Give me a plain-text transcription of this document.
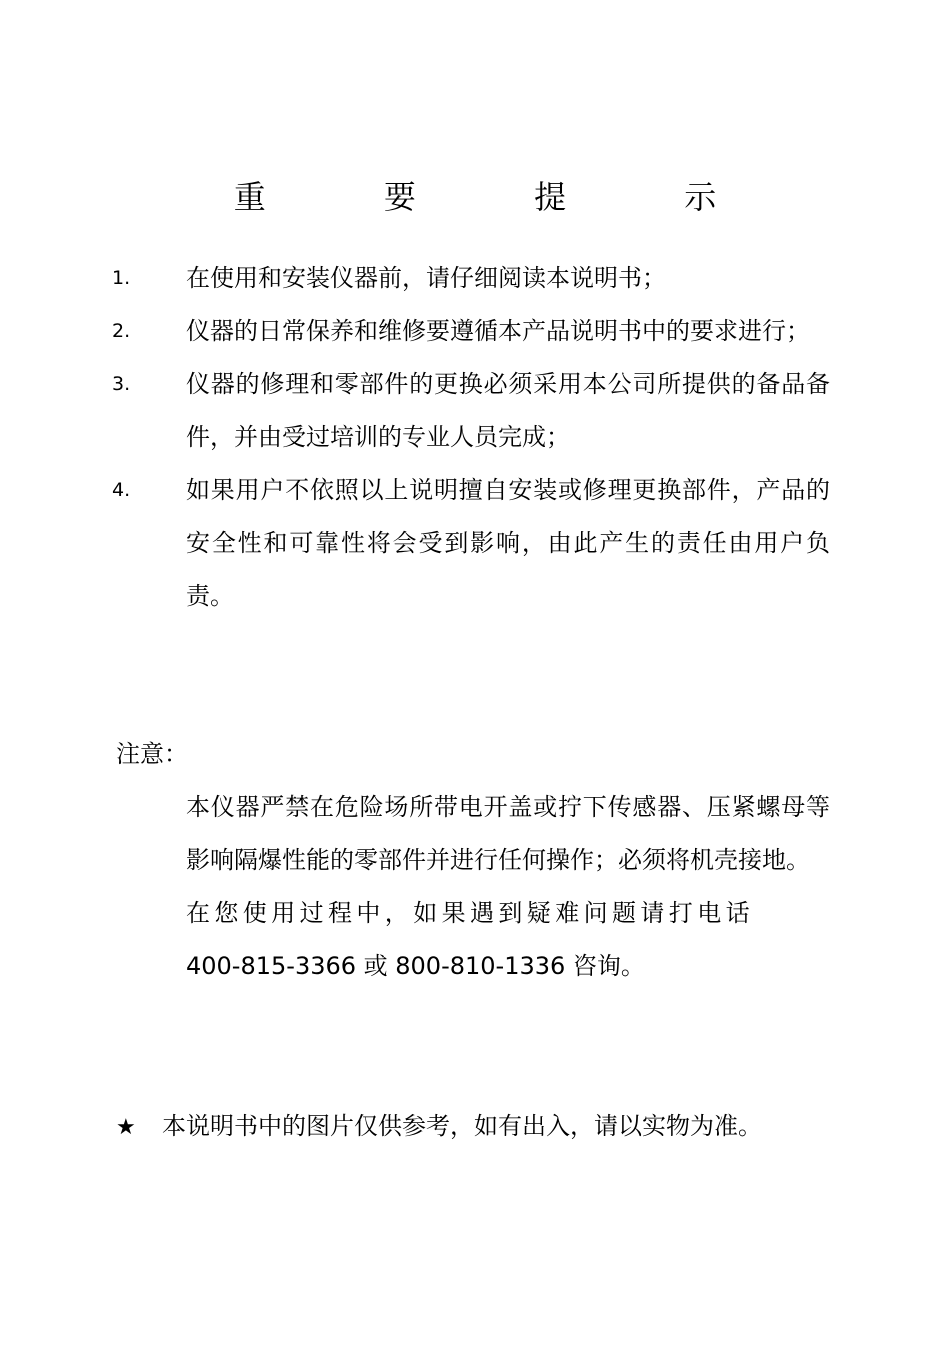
重 要 提 示
1. 在使用和安装仪器前，请仔细阅读本说明书；
2. 仪器的日常保养和维修要遵循本产品说明书中的要求进行；
3. 仪器的修理和零部件的更换必须采用本公司所提供的备品备件，并由受过培训的专业人员完成；
4. 如果用户不依照以上说明擅自安装或修理更换部件，产品的安全性和可靠性将会受到影响，由此产生的责任由用户负责。
注意：

本仪器严禁在危险场所带电开盖或拧下传感器、压紧螺母等影响隔爆性能的零部件并进行任何操作；必须将机壳接地。

在您使用过程中，如果遇到疑难问题请打电话

400-815-3366 或 800-810-1336 咨询。

★ 本说明书中的图片仅供参考，如有出入，请以实物为准。
